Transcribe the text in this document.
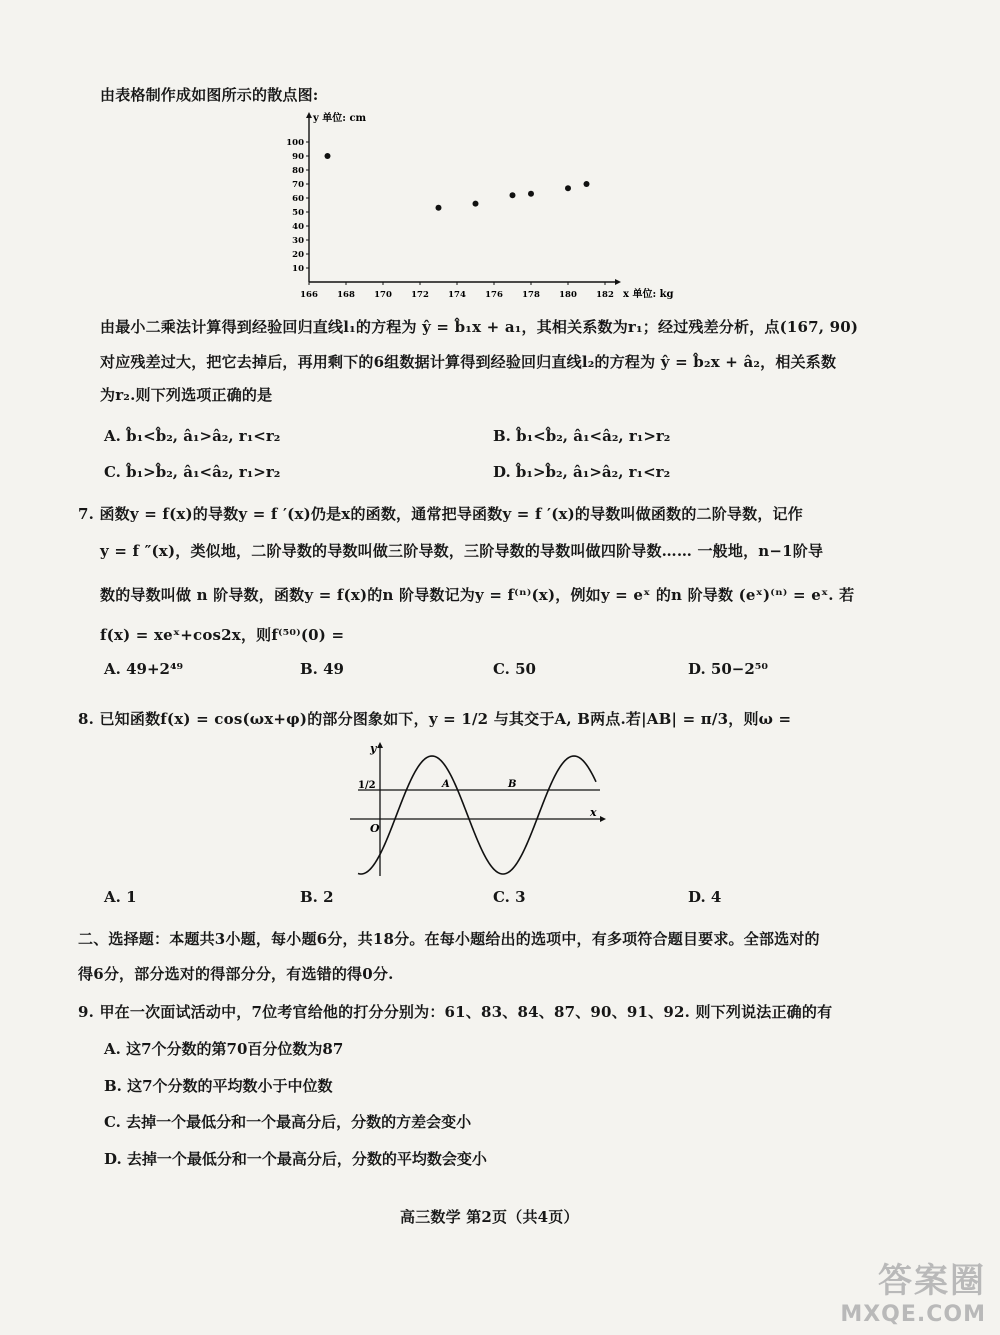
由表格制作成如图所示的散点图:
10
20
30
40
50
60
70
80
90
100
166 168 170 172 174 176 178 180 182
y 单位: cm
x 单位: kg
由最小二乘法计算得到经验回归直线l₁的方程为 ŷ = b̂₁x + a₁，其相关系数为r₁；经过残差分析，点(167, 90)
对应残差过大，把它去掉后，再用剩下的6组数据计算得到经验回归直线l₂的方程为 ŷ = b̂₂x + â₂，相关系数
为r₂.则下列选项正确的是
A. b̂₁<b̂₂, â₁>â₂, r₁<r₂	B. b̂₁<b̂₂, â₁<â₂, r₁>r₂
C. b̂₁>b̂₂, â₁<â₂, r₁>r₂	D. b̂₁>b̂₂, â₁>â₂, r₁<r₂
7. 函数y = f(x)的导数y = f ′(x)仍是x的函数，通常把导函数y = f ′(x)的导数叫做函数的二阶导数，记作
y = f ″(x)，类似地，二阶导数的导数叫做三阶导数，三阶导数的导数叫做四阶导数…… 一般地，n−1阶导
数的导数叫做 n 阶导数，函数y = f(x)的n 阶导数记为y = f⁽ⁿ⁾(x)，例如y = eˣ 的n 阶导数 (eˣ)⁽ⁿ⁾ = eˣ. 若
f(x) = xeˣ+cos2x，则f⁽⁵⁰⁾(0) =
A. 49+2⁴⁹	B. 49	C. 50	D. 50−2⁵⁰
8. 已知函数f(x) = cos(ωx+φ)的部分图象如下，y = 1/2 与其交于A, B两点.若|AB| = π/3，则ω =
y
x
O
1/2	A	B
A. 1	B. 2	C. 3	D. 4
二、选择题：本题共3小题，每小题6分，共18分。在每小题给出的选项中，有多项符合题目要求。全部选对的
得6分，部分选对的得部分分，有选错的得0分.
9. 甲在一次面试活动中，7位考官给他的打分分别为：61、83、84、87、90、91、92. 则下列说法正确的有
A. 这7个分数的第70百分位数为87
B. 这7个分数的平均数小于中位数
C. 去掉一个最低分和一个最高分后，分数的方差会变小
D. 去掉一个最低分和一个最高分后，分数的平均数会变小
高三数学 第2页（共4页）
答案圈
MXQE.COM
